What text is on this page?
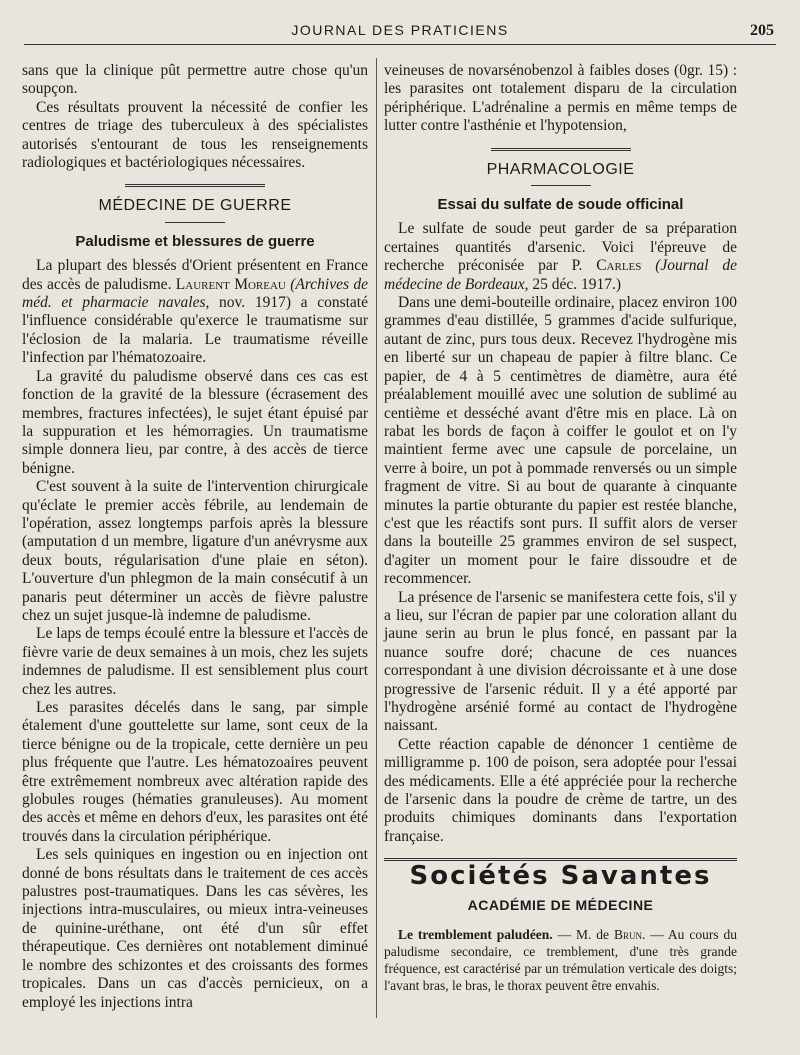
JOURNAL DES PRATICIENS	205

sans que la clinique pût permettre autre chose qu'un soupçon.

Ces résultats prouvent la nécessité de confier les centres de triage des tuberculeux à des spécialistes autorisés s'entourant de tous les renseignements radiologiques et bactériologiques nécessaires.

MÉDECINE DE GUERRE
Paludisme et blessures de guerre

La plupart des blessés d'Orient présentent en France des accès de paludisme. Laurent Moreau (Archives de méd. et pharmacie navales, nov. 1917) a constaté l'influence considérable qu'exerce le traumatisme sur l'éclosion de la malaria. Le traumatisme réveille l'infection par l'hématozoaire.

La gravité du paludisme observé dans ces cas est fonction de la gravité de la blessure (écrasement des membres, fractures infectées), le sujet étant épuisé par la suppuration et les hémorragies. Un traumatisme simple donnera lieu, par contre, à des accès de tierce bénigne.

C'est souvent à la suite de l'intervention chirurgicale qu'éclate le premier accès fébrile, au lendemain de l'opération, assez longtemps parfois après la blessure (amputation d un membre, ligature d'un anévrysme aux deux bouts, régularisation d'une plaie en séton). L'ouverture d'un phlegmon de la main consécutif à un panaris peut déterminer un accès de fièvre palustre chez un sujet jusque-là indemne de paludisme.

Le laps de temps écoulé entre la blessure et l'accès de fièvre varie de deux semaines à un mois, chez les sujets indemnes de paludisme. Il est sensiblement plus court chez les autres.

Les parasites décelés dans le sang, par simple étalement d'une gouttelette sur lame, sont ceux de la tierce bénigne ou de la tropicale, cette dernière un peu plus fréquente que l'autre. Les hématozoaires peuvent être extrêmement nombreux avec altération rapide des globules rouges (hématies granuleuses). Au moment des accès et même en dehors d'eux, les parasites ont été trouvés dans la circulation périphérique.

Les sels quiniques en ingestion ou en injection ont donné de bons résultats dans le traitement de ces accès palustres post-traumatiques. Dans les cas sévères, les injections intra-musculaires, ou mieux intra-veineuses de quinine-uréthane, ont été d'un sûr effet thérapeutique. Ces dernières ont notablement diminué le nombre des schizontes et des croissants des formes tropicales. Dans un cas d'accès pernicieux, on a employé les injections intra

veineuses de novarsénobenzol à faibles doses (0gr. 15) : les parasites ont totalement disparu de la circulation périphérique. L'adrénaline a permis en même temps de lutter contre l'asthénie et l'hypotension,

PHARMACOLOGIE
Essai du sulfate de soude officinal

Le sulfate de soude peut garder de sa préparation certaines quantités d'arsenic. Voici l'épreuve de recherche préconisée par P. Carles (Journal de médecine de Bordeaux, 25 déc. 1917.)

Dans une demi-bouteille ordinaire, placez environ 100 grammes d'eau distillée, 5 grammes d'acide sulfurique, autant de zinc, purs tous deux. Recevez l'hydrogène mis en liberté sur un chapeau de papier à filtre blanc. Ce papier, de 4 à 5 centimètres de diamètre, aura été préalablement mouillé avec une solution de sublimé au centième et desséché avant d'être mis en place. Là on rabat les bords de façon à coiffer le goulot et on l'y maintient ferme avec une capsule de porcelaine, un verre à boire, un pot à pommade renversés ou un simple fragment de vitre. Si au bout de quarante à cinquante minutes la partie obturante du papier est restée blanche, c'est que les réactifs sont purs. Il suffit alors de verser dans la bouteille 25 grammes environ de sel suspect, d'agiter un moment pour le faire dissoudre et de recommencer.

La présence de l'arsenic se manifestera cette fois, s'il y a lieu, sur l'écran de papier par une coloration allant du jaune serin au brun le plus foncé, en passant par la nuance soufre doré; chacune de ces nuances correspondant à une division décroissante et à une dose progressive de l'arsenic réduit. Il y a été apporté par l'hydrogène arsénié formé au contact de l'hydrogène naissant.

Cette réaction capable de dénoncer 1 centième de milligramme p. 100 de poison, sera adoptée pour l'essai des médicaments. Elle a été appréciée pour la recherche de l'arsenic dans la poudre de crème de tartre, un des produits chimiques dominants dans l'exportation française.

Sociétés Savantes
ACADÉMIE DE MÉDECINE

Le tremblement paludéen. — M. de Brun. — Au cours du paludisme secondaire, ce tremblement, d'une très grande fréquence, est caractérisé par un trémulation verticale des doigts; l'avant bras, le bras, le thorax peuvent être envahis.
